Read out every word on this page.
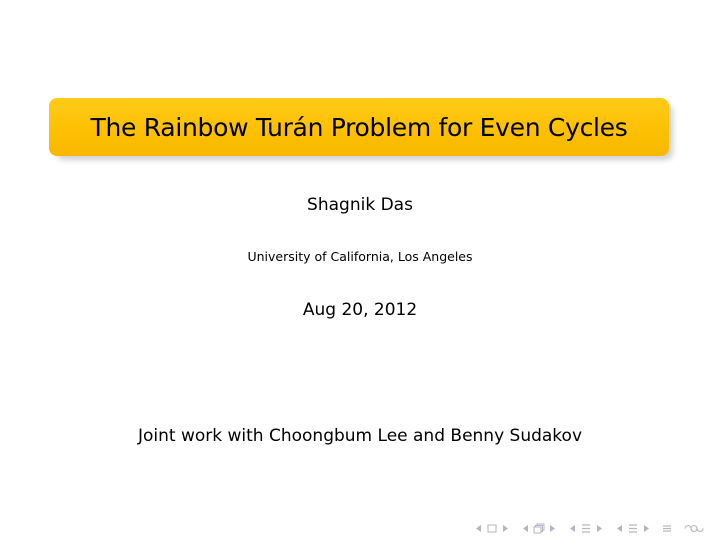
The Rainbow Turán Problem for Even Cycles
Shagnik Das
University of California, Los Angeles
Aug 20, 2012
Joint work with Choongbum Lee and Benny Sudakov
